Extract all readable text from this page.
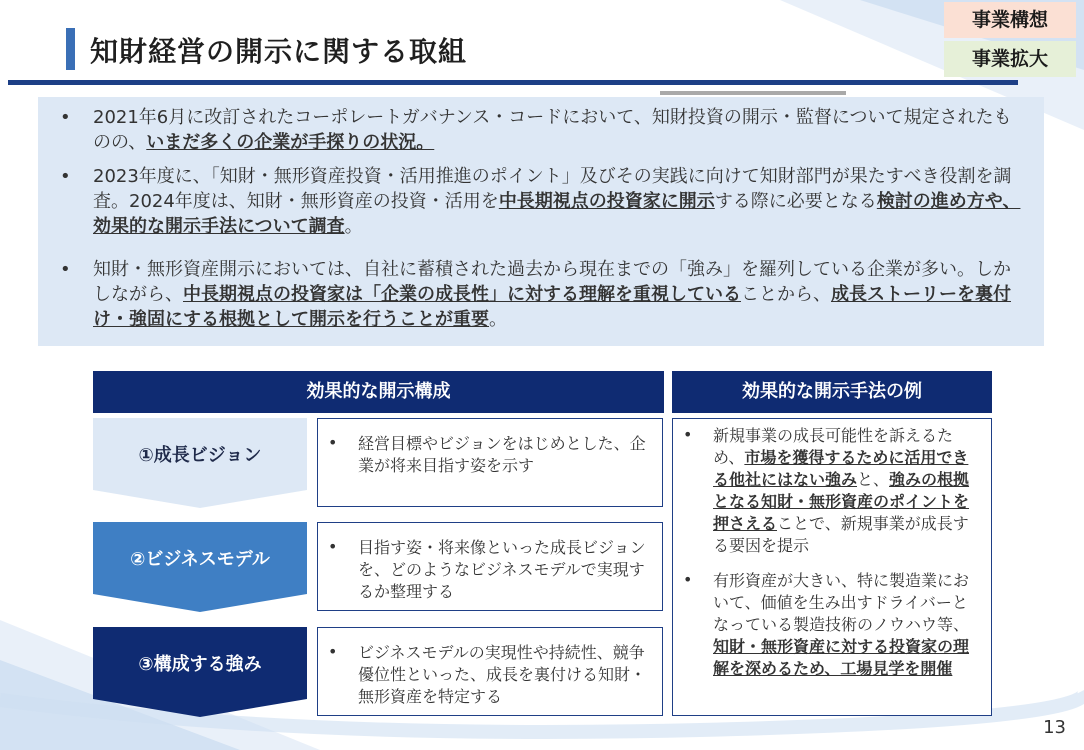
知財経営の開示に関する取組
事業構想
事業拡大
• 2021年6月に改訂されたコーポレートガバナンス・コードにおいて、知財投資の開示・監督について規定されたものの、いまだ多くの企業が手探りの状況。
• 2023年度に、「知財・無形資産投資・活用推進のポイント」及びその実践に向けて知財部門が果たすべき役割を調査。2024年度は、知財・無形資産の投資・活用を中長期視点の投資家に開示する際に必要となる検討の進め方や、効果的な開示手法について調査。
• 知財・無形資産開示においては、自社に蓄積された過去から現在までの「強み」を羅列している企業が多い。しかしながら、中長期視点の投資家は「企業の成長性」に対する理解を重視していることから、成長ストーリーを裏付け・強固にする根拠として開示を行うことが重要。
効果的な開示構成	効果的な開示手法の例
①成長ビジョン
• 経営目標やビジョンをはじめとした、企業が将来目指す姿を示す
②ビジネスモデル
• 目指す姿・将来像といった成長ビジョンを、どのようなビジネスモデルで実現するか整理する
③構成する強み
• ビジネスモデルの実現性や持続性、競争優位性といった、成長を裏付ける知財・無形資産を特定する
• 新規事業の成長可能性を訴えるため、市場を獲得するために活用できる他社にはない強みと、強みの根拠となる知財・無形資産のポイントを押さえることで、新規事業が成長する要因を提示
• 有形資産が大きい、特に製造業において、価値を生み出すドライバーとなっている製造技術のノウハウ等、知財・無形資産に対する投資家の理解を深めるため、工場見学を開催
13
